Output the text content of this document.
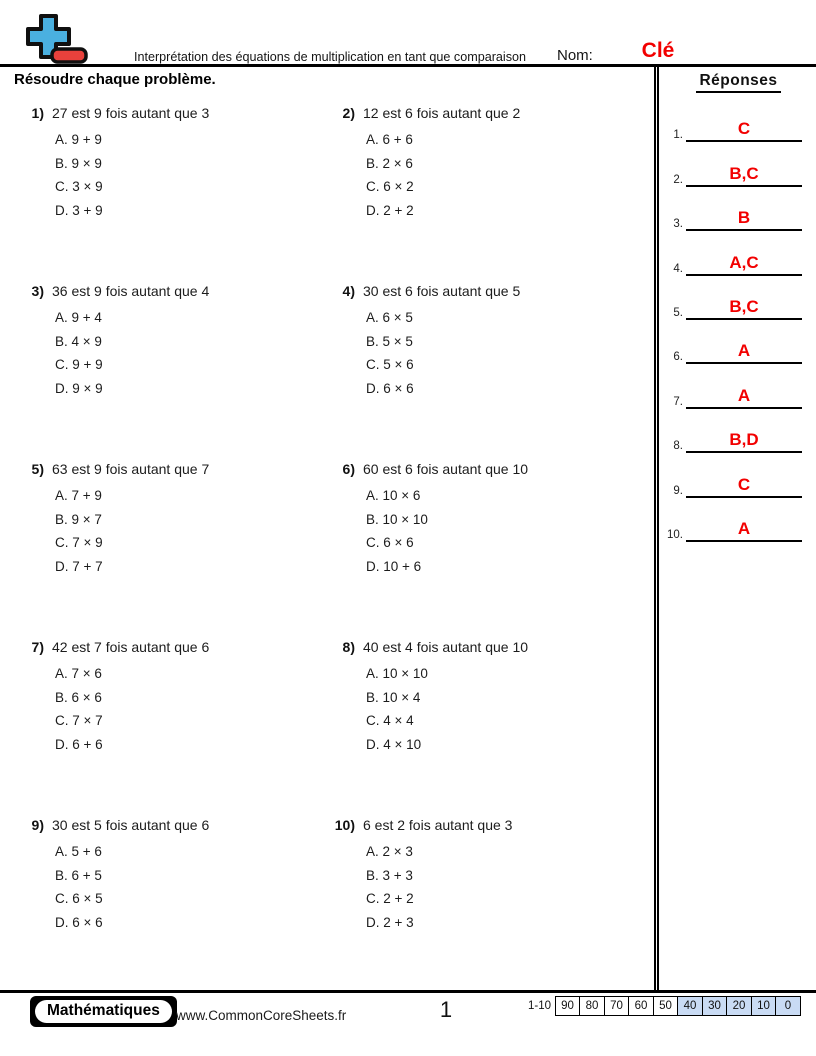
Interprétation des équations de multiplication en tant que comparaison	Nom:	Clé
Résoudre chaque problème.
1) 27 est 9 fois autant que 3
A. 9 + 9
B. 9 × 9
C. 3 × 9
D. 3 + 9
2) 12 est 6 fois autant que 2
A. 6 + 6
B. 2 × 6
C. 6 × 2
D. 2 + 2
3) 36 est 9 fois autant que 4
A. 9 + 4
B. 4 × 9
C. 9 + 9
D. 9 × 9
4) 30 est 6 fois autant que 5
A. 6 × 5
B. 5 × 5
C. 5 × 6
D. 6 × 6
5) 63 est 9 fois autant que 7
A. 7 + 9
B. 9 × 7
C. 7 × 9
D. 7 + 7
6) 60 est 6 fois autant que 10
A. 10 × 6
B. 10 × 10
C. 6 × 6
D. 10 + 6
7) 42 est 7 fois autant que 6
A. 7 × 6
B. 6 × 6
C. 7 × 7
D. 6 + 6
8) 40 est 4 fois autant que 10
A. 10 × 10
B. 10 × 4
C. 4 × 4
D. 4 × 10
9) 30 est 5 fois autant que 6
A. 5 + 6
B. 6 + 5
C. 6 × 5
D. 6 × 6
10) 6 est 2 fois autant que 3
A. 2 × 3
B. 3 + 3
C. 2 + 2
D. 2 + 3
Réponses
1.	C
2.	B,C
3.	B
4.	A,C
5.	B,C
6.	A
7.	A
8.	B,D
9.	C
10.	A
Mathématiques	www.CommonCoreSheets.fr	1	1-10 90	80	70	60	50	40	30	20	10	0
